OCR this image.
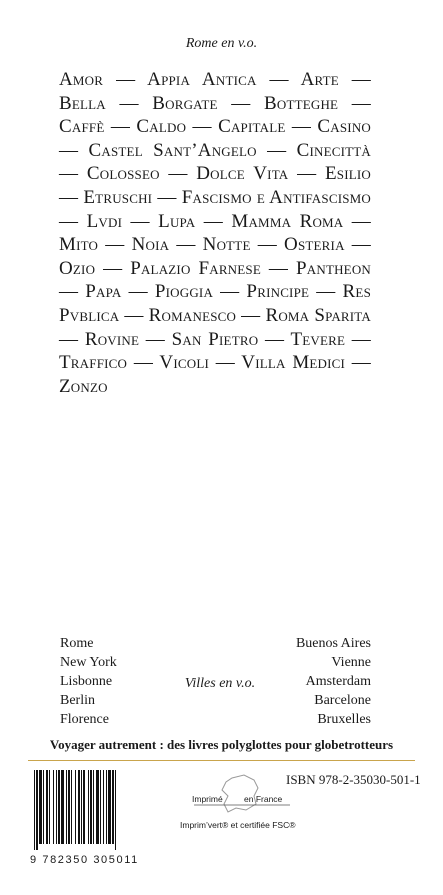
Rome en v.o.
Amor — Appia Antica — Arte — Bella — Borgate — Botteghe — Caffè — Caldo — Capitale — Casino — Castel Sant’Angelo — Cinecittà — Colosseo — Dolce Vita — Esilio — Etruschi — Fascismo e Antifascismo — Lvdi — Lupa — Mamma Roma — Mito — Noia — Notte — Osteria — Ozio — Palazio Farnese — Pantheon — Papa — Pioggia — Principe — Res Pvblica — Romanesco — Roma Sparita — Rovine — San Pietro — Tevere — Traffico — Vicoli — Villa Medici — Zonzo
Rome
New York
Lisbonne
Berlin
Florence
Villes en v.o.
Buenos Aires
Vienne
Amsterdam
Barcelone
Bruxelles
Voyager autrement : des livres polyglottes pour globetrotteurs
9 782350 305011
ISBN 978-2-35030-501-1
Imprimé	en France
Imprim’vert® et certifiée FSC®
